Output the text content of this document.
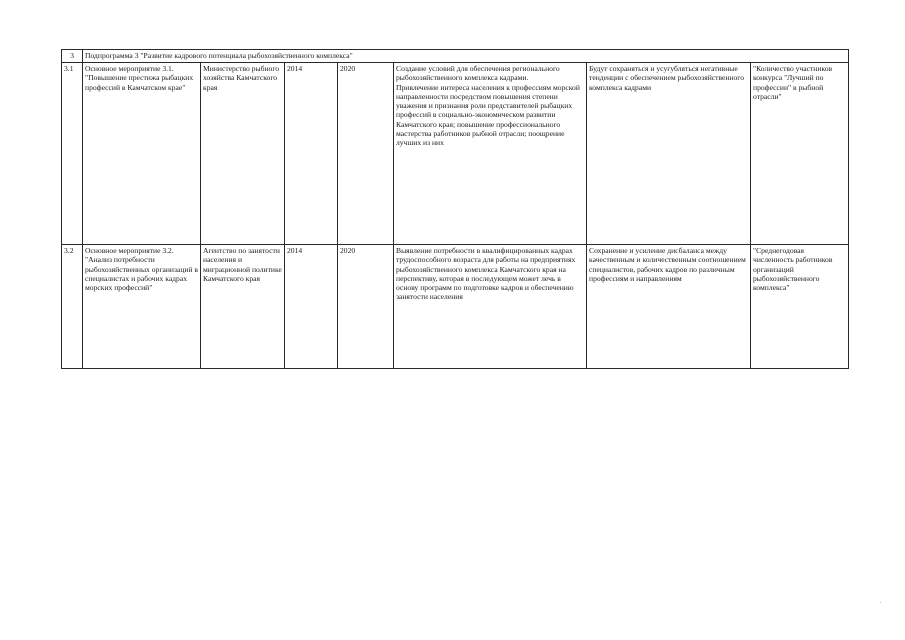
3	Подпрограмма 3 "Развитие кадрового потенциала рыбохозяйственного комплекса"						
3.1	Основное мероприятие 3.1. "Повышение престижа рыбацких профессий в Камчатском крае"	Министерство рыбного хозяйства Камчатского края	2014	2020	Создание условий для обеспечения регионального рыбохозяйственного комплекса кадрами.
Привлечение интереса населения к профессиям морской направленности посредством повышения степени уважения и признания роли представителей рыбацких профессий в социально-экономическом развитии Камчатского края; повышение профессионального мастерства работников рыбной отрасли; поощрение лучших из них	Будут сохраняться и усугубляться негативные тенденции с обеспечением рыбохозяйственного комплекса кадрами	"Количество участников конкурса "Лучший по профессии" в рыбной отрасли"

3.2	Основное мероприятие 3.2. "Анализ потребности рыбохозяйственных организаций в специалистах и рабочих кадрах морских профессий"	Агентство по занятости населения и миграционной политике Камчатского края	2014	2020	Выявление потребности в квалифицированных кадрах трудоспособного возраста для работы на предприятиях рыбохозяйственного комплекса Камчатского края на перспективу, которая в последующем может лечь в основу программ по подготовке кадров и обеспечению занятости населения	Сохранение и усиление дисбаланса между качественным и количественным соотношением специалистов, рабочих кадров по различным профессиям и направлениям	"Среднегодовая численность работников организаций рыбохозяйственного комплекса"
